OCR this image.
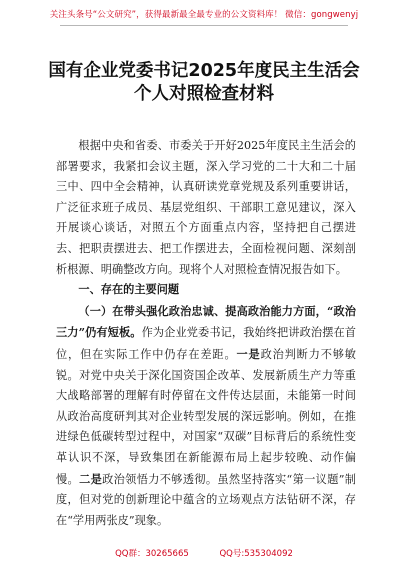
关注头条号“公文研究”，获得最新最全最专业的公文资料库！ 微信：gongwenyj
国有企业党委书记2025年度民主生活会
个人对照检查材料

根据中央和省委、市委关于开好2025年度民主生活会的部署要求，我紧扣会议主题，深入学习党的二十大和二十届三中、四中全会精神，认真研读党章党规及系列重要讲话，广泛征求班子成员、基层党组织、干部职工意见建议，深入开展谈心谈话，对照五个方面重点内容，坚持把自己摆进去、把职责摆进去、把工作摆进去，全面检视问题、深刻剖析根源、明确整改方向。现将个人对照检查情况报告如下。

一、存在的主要问题

（一）在带头强化政治忠诚、提高政治能力方面，“政治三力”仍有短板。作为企业党委书记，我始终把讲政治摆在首位，但在实际工作中仍存在差距。一是政治判断力不够敏锐。对党中央关于深化国资国企改革、发展新质生产力等重大战略部署的理解有时停留在文件传达层面，未能第一时间从政治高度研判其对企业转型发展的深远影响。例如，在推进绿色低碳转型过程中，对国家“双碳”目标背后的系统性变革认识不深，导致集团在新能源布局上起步较晚、动作偏慢。二是政治领悟力不够透彻。虽然坚持落实“第一议题”制度，但对党的创新理论中蕴含的立场观点方法钻研不深，存在“学用两张皮”现象。

QQ群：30265665	QQ号:535304092
